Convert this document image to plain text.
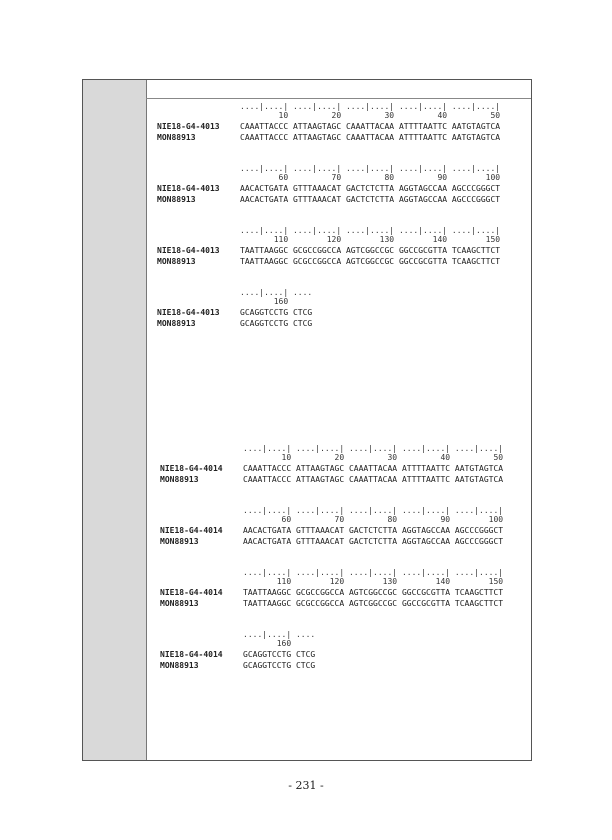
....|....| ....|....| ....|....| ....|....| ....|....|
10         20         30         40         50
NIE18-G4-4013	CAAATTACCC ATTAAGTAGC CAAATTACAA ATTTTAATTC AATGTAGTCA
MON88913	CAAATTACCC ATTAAGTAGC CAAATTACAA ATTTTAATTC AATGTAGTCA
....|....| ....|....| ....|....| ....|....| ....|....|
60         70         80         90        100
NIE18-G4-4013	AACACTGATA GTTTAAACAT GACTCTCTTA AGGTAGCCAA AGCCCGGGCT
MON88913	AACACTGATA GTTTAAACAT GACTCTCTTA AGGTAGCCAA AGCCCGGGCT
....|....| ....|....| ....|....| ....|....| ....|....|
110        120        130        140        150
NIE18-G4-4013	TAATTAAGGC GCGCCGGCCA AGTCGGCCGC GGCCGCGTTA TCAAGCTTCT
MON88913	TAATTAAGGC GCGCCGGCCA AGTCGGCCGC GGCCGCGTTA TCAAGCTTCT
....|....| ....
160
NIE18-G4-4013	GCAGGTCCTG CTCG
MON88913	GCAGGTCCTG CTCG
....|....| ....|....| ....|....| ....|....| ....|....|
10         20         30         40         50
NIE18-G4-4014	CAAATTACCC ATTAAGTAGC CAAATTACAA ATTTTAATTC AATGTAGTCA
MON88913	CAAATTACCC ATTAAGTAGC CAAATTACAA ATTTTAATTC AATGTAGTCA
....|....| ....|....| ....|....| ....|....| ....|....|
60         70         80         90        100
NIE18-G4-4014	AACACTGATA GTTTAAACAT GACTCTCTTA AGGTAGCCAA AGCCCGGGCT
MON88913	AACACTGATA GTTTAAACAT GACTCTCTTA AGGTAGCCAA AGCCCGGGCT
....|....| ....|....| ....|....| ....|....| ....|....|
110        120        130        140        150
NIE18-G4-4014	TAATTAAGGC GCGCCGGCCA AGTCGGCCGC GGCCGCGTTA TCAAGCTTCT
MON88913	TAATTAAGGC GCGCCGGCCA AGTCGGCCGC GGCCGCGTTA TCAAGCTTCT
....|....| ....
160
NIE18-G4-4014	GCAGGTCCTG CTCG
MON88913	GCAGGTCCTG CTCG
- 231 -
